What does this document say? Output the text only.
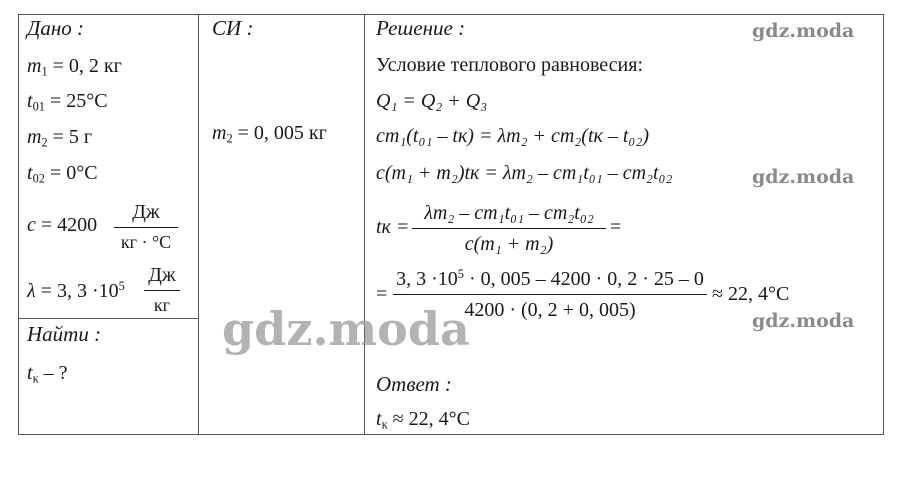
Дано :	СИ :	Решение :
$m_1 = 0$, 2 кг
$t_{01} = 25^\circ C$
$m_2 = 5$ г
$t_{02} = 0^\circ C$
c = 4200
Дж
кг · °C
λ = 3, $3 \cdot 10^5$ Дж
кг
Найти :
$t_к$ – ?
$m_2 = 0$, 005 кг
Условие теплового равновесия:
Q₁ = Q₂ + Q₃
cm₁(t₀₁ – tк) = λm₂ + cm₂(tк – t₀₂)
c(m₁ + m₂)tк = λm₂ – cm₁t₀₁ – cm₂t₀₂
tк =
λm₂ – cm₁t₀₁ – cm₂t₀₂
c(m₁ + m₂)
=
=
3, $3 \cdot 10^5 \cdot 0$, 005 – 4200 · 0, 2 · 25 – 0
4200 · (0, 2 + 0, 005)
≈ 22, 4°C
Ответ :
$t_к \approx 22$, 4°C
gdz.moda
gdz.moda
gdz.moda
gdz.moda
